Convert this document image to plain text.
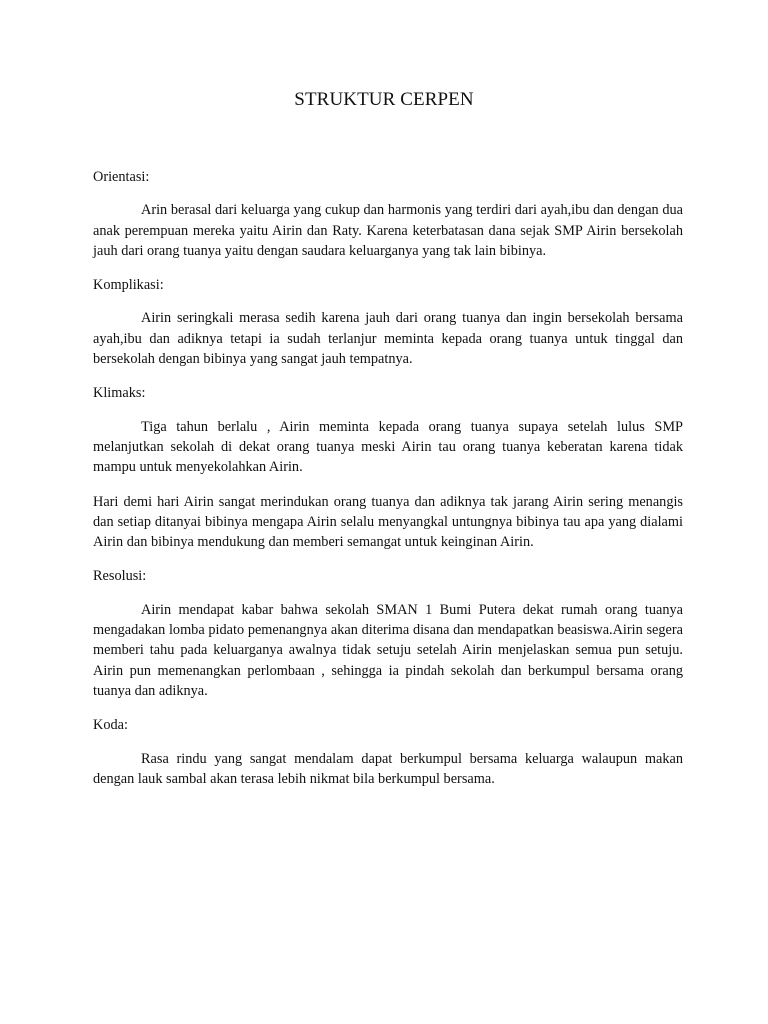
STRUKTUR CERPEN

Orientasi:

Arin berasal dari keluarga yang cukup dan harmonis yang terdiri dari ayah,ibu dan dengan dua anak perempuan mereka yaitu Airin dan Raty. Karena keterbatasan dana sejak SMP Airin bersekolah jauh dari orang tuanya yaitu dengan saudara keluarganya yang tak lain bibinya.

Komplikasi:

Airin seringkali merasa sedih karena jauh dari orang tuanya dan ingin bersekolah bersama ayah,ibu dan adiknya tetapi ia sudah terlanjur meminta kepada orang tuanya untuk tinggal dan bersekolah dengan bibinya yang sangat jauh tempatnya.

Klimaks:

Tiga tahun berlalu , Airin meminta kepada orang tuanya supaya setelah lulus SMP melanjutkan sekolah di dekat orang tuanya meski Airin tau orang tuanya keberatan karena tidak mampu untuk menyekolahkan Airin.

Hari demi hari Airin sangat merindukan orang tuanya dan adiknya tak jarang Airin sering menangis dan setiap ditanyai bibinya mengapa Airin selalu menyangkal untungnya bibinya tau apa yang dialami Airin dan bibinya mendukung dan memberi semangat untuk keinginan Airin.

Resolusi:

Airin mendapat kabar bahwa sekolah SMAN 1 Bumi Putera dekat rumah orang tuanya mengadakan lomba pidato pemenangnya akan diterima disana dan mendapatkan beasiswa.Airin segera memberi tahu pada keluarganya awalnya tidak setuju setelah Airin menjelaskan semua pun setuju. Airin pun memenangkan perlombaan , sehingga ia pindah sekolah dan berkumpul bersama orang tuanya dan adiknya.

Koda:

Rasa rindu yang sangat mendalam dapat berkumpul bersama keluarga walaupun makan dengan lauk sambal akan terasa lebih nikmat bila berkumpul bersama.
